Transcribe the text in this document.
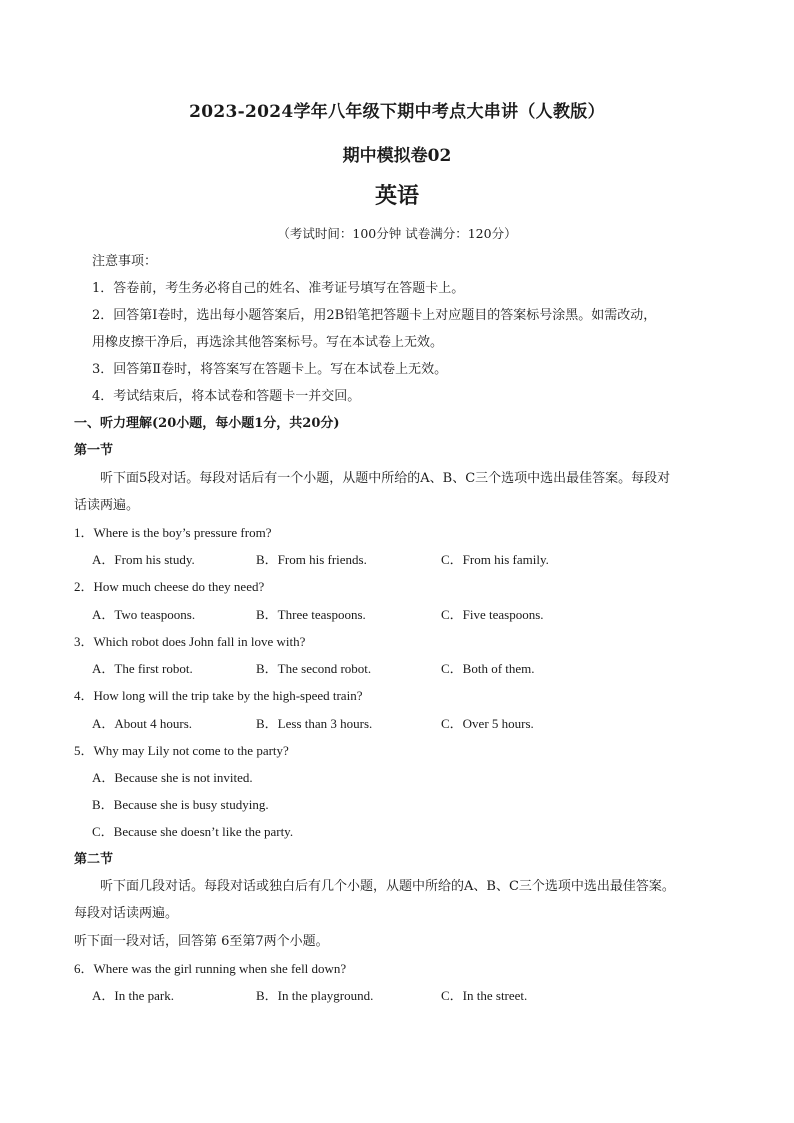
2023-2024学年八年级下期中考点大串讲（人教版）
期中模拟卷02
英语
（考试时间：100分钟 试卷满分：120分）
注意事项：
1．答卷前，考生务必将自己的姓名、准考证号填写在答题卡上。
2．回答第Ⅰ卷时，选出每小题答案后，用2B铅笔把答题卡上对应题目的答案标号涂黑。如需改动，
用橡皮擦干净后，再选涂其他答案标号。写在本试卷上无效。
3．回答第Ⅱ卷时，将答案写在答题卡上。写在本试卷上无效。
4．考试结束后，将本试卷和答题卡一并交回。
一、听力理解(20小题，每小题1分，共20分)
第一节
听下面5段对话。每段对话后有一个小题，从题中所给的A、B、C三个选项中选出最佳答案。每段对
话读两遍。
1．Where is the boy’s pressure from?
A．From his study.	B．From his friends.	C．From his family.
2．How much cheese do they need?
A．Two teaspoons.	B．Three teaspoons.	C．Five teaspoons.
3．Which robot does John fall in love with?
A．The first robot.	B．The second robot.	C．Both of them.
4．How long will the trip take by the high-speed train?
A．About 4 hours.	B．Less than 3 hours.	C．Over 5 hours.
5．Why may Lily not come to the party?
A．Because she is not invited.
B．Because she is busy studying.
C．Because she doesn’t like the party.
第二节
听下面几段对话。每段对话或独白后有几个小题，从题中所给的A、B、C三个选项中选出最佳答案。
每段对话读两遍。
听下面一段对话，回答第 6至第7两个小题。
6．Where was the girl running when she fell down?
A．In the park.	B．In the playground.	C．In the street.
